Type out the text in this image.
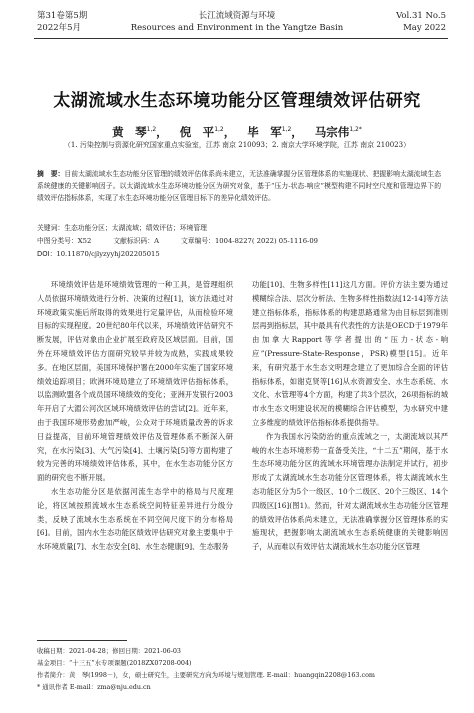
第31卷第5期
2022年5月
长江流域资源与环境
Resources and Environment in the Yangtze Basin
Vol.31 No.5
May 2022
太湖流域水生态环境功能分区管理绩效评估研究
黄　琴$^{1,2}$， 倪　平$^{1,2}$， 毕　军$^{1,2}$， 马宗伟$^{1,2*}$
（1. 污染控制与资源化研究国家重点实验室，江苏 南京 210093；2. 南京大学环境学院，江苏 南京 210023）
摘　要：目前太湖流域水生态功能分区管理的绩效评估体系尚未建立，无法准确掌握分区管理体系的实施现状、把握影响太湖流域生态系统健康的关键影响因子。以太湖流域水生态环境功能分区为研究对象，基于“压力-状态-响应”模型构建不同时空尺度和管理边界下的绩效评估指标体系，实现了水生态环境功能分区管理目标下的差异化绩效评估。
关键词：生态功能分区；太湖流域；绩效评估；环境管理
中图分类号：X52	文献标识码：A	文章编号：1004-8227( 2022) 05-1116-09
DOI：10.11870/cjlyzyyhj202205015

环境绩效评估是环境绩效管理的一种工具，是管理组织人员依据环境绩效进行分析、决策的过程[1]，该方法通过对环境政策实施后所取得的效果进行定量评估，从而检验环境目标的实现程度。20世纪80年代以来，环境绩效评估研究不断发展，评估对象由企业扩展至政府及区域层面。目前，国外在环境绩效评估方面研究较早并较为成熟，实践成果较多。在地区层面，美国环境保护署在2000年实施了国家环境绩效追踪项目；欧洲环境局建立了环境绩效评估指标体系，以监测欧盟各个成员国环境绩效的变化；亚洲开发银行2003年开启了大湄公河次区域环境绩效评估的尝试[2]。近年来，由于我国环境形势愈加严峻，公众对于环境质量改善的诉求日益提高，目前环境管理绩效评估及管理体系不断深入研究，在水污染[3]、大气污染[4]、土壤污染[5]等方面构建了较为完善的环境绩效评估体系，其中，在水生态功能分区方面的研究也不断开展。

水生态功能分区是依据河流生态学中的格局与尺度理论，将区域按照流域水生态系统空间特征差异进行分级分类，反映了流域水生态系统在不同空间尺度下的分布格局[6]。目前，国内水生态功能区绩效评估研究对象主要集中于水环境质量[7]、水生态安全[8]、水生态健康[9]、生态服务

功能[10]、生物多样性[11]这几方面。评价方法主要为通过模糊综合法、层次分析法、生物多样性指数法[12-14]等方法建立指标体系，指标体系的构建思路通常为由目标层到准则层再到指标层，其中最具有代表性的方法是OECD于1979年由加拿大Rapport等学者提出的“压力-状态-响应”(Pressure-State-Response，PSR)模型[15]。近年来，有研究基于水生态文明理念建立了更加综合全面的评估指标体系，如谢克贤等[16]从水资源安全、水生态系统、水文化、水管理等4个方面，构建了共3个层次，26项指标的城市水生态文明建设状况的模糊综合评估模型，为水研究中建立多维度的绩效评估指标体系提供指导。

作为我国水污染防治的重点流域之一，太湖流域以其严峻的水生态环境形势一直备受关注，“十二五”期间，基于水生态环境功能分区的流域水环境管理办法制定并试行，初步形成了太湖流域水生态功能分区管理体系，将太湖流域水生态功能区分为5个一级区、10个二级区、20个三级区、14个四级区[16](图1)。然而，针对太湖流域水生态功能分区管理的绩效评估体系尚未建立，无法准确掌握分区管理体系的实施现状，把握影响太湖流域水生态系统健康的关键影响因子，从而难以有效评估太湖流域水生态功能分区管理

收稿日期：2021-04-28；修回日期：2021-06-03
基金项目：“十三五”水专项课题(2018ZX07208-004)
作者简介：黄　琴(1998－)，女，硕士研究生，主要研究方向为环境与规划管理. E-mail：huangqin2208@163.com
* 通讯作者 E-mail：zma@nju.edu.cn
